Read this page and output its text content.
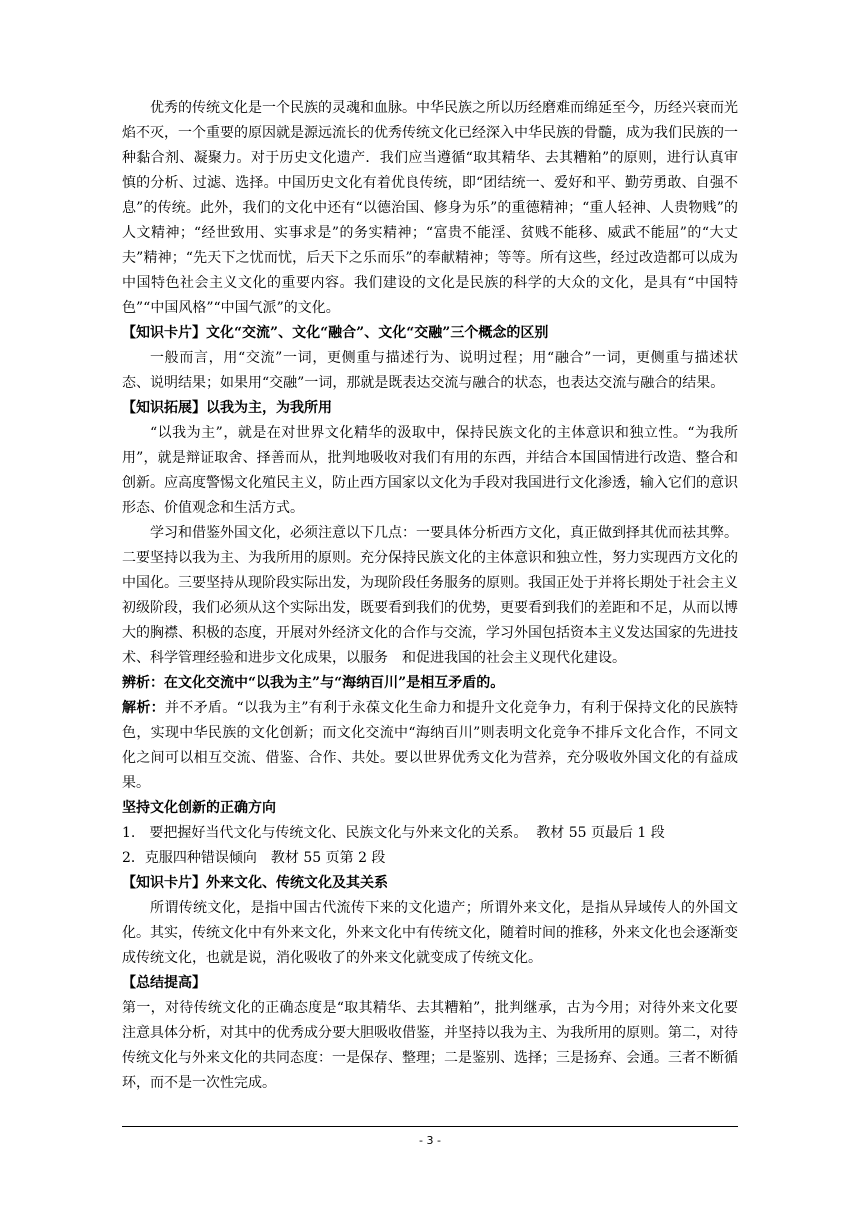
优秀的传统文化是一个民族的灵魂和血脉。中华民族之所以历经磨难而绵延至今，历经兴衰而光焰不灭，一个重要的原因就是源远流长的优秀传统文化已经深入中华民族的骨髓，成为我们民族的一种黏合剂、凝聚力。对于历史文化遗产．我们应当遵循“取其精华、去其糟粕”的原则，进行认真审慎的分析、过滤、选择。中国历史文化有着优良传统，即“团结统一、爱好和平、勤劳勇敢、自强不息”的传统。此外，我们的文化中还有“以德治国、修身为乐”的重德精神；“重人轻神、人贵物贱”的人文精神；“经世致用、实事求是”的务实精神；“富贵不能淫、贫贱不能移、威武不能屈”的“大丈夫”精神；“先天下之忧而忧，后天下之乐而乐”的奉献精神；等等。所有这些，经过改造都可以成为中国特色社会主义文化的重要内容。我们建设的文化是民族的科学的大众的文化，是具有“中国特色”“中国风格”“中国气派”的文化。

【知识卡片】文化“交流”、文化“融合”、文化“交融”三个概念的区别

一般而言，用“交流”一词，更侧重与描述行为、说明过程；用“融合”一词，更侧重与描述状态、说明结果；如果用“交融”一词，那就是既表达交流与融合的状态，也表达交流与融合的结果。

【知识拓展】以我为主，为我所用

“以我为主”，就是在对世界文化精华的汲取中，保持民族文化的主体意识和独立性。“为我所用”，就是辩证取舍、择善而从，批判地吸收对我们有用的东西，并结合本国国情进行改造、整合和创新。应高度警惕文化殖民主义，防止西方国家以文化为手段对我国进行文化渗透，输入它们的意识形态、价值观念和生活方式。

学习和借鉴外国文化，必须注意以下几点：一要具体分析西方文化，真正做到择其优而祛其弊。二要坚持以我为主、为我所用的原则。充分保持民族文化的主体意识和独立性，努力实现西方文化的中国化。三要坚持从现阶段实际出发，为现阶段任务服务的原则。我国正处于并将长期处于社会主义初级阶段，我们必须从这个实际出发，既要看到我们的优势，更要看到我们的差距和不足，从而以博大的胸襟、积极的态度，开展对外经济文化的合作与交流，学习外国包括资本主义发达国家的先进技术、科学管理经验和进步文化成果，以服务　和促进我国的社会主义现代化建设。

辨析：在文化交流中“以我为主”与“海纳百川”是相互矛盾的。

解析：并不矛盾。“以我为主”有利于永葆文化生命力和提升文化竞争力，有利于保持文化的民族特色，实现中华民族的文化创新；而文化交流中“海纳百川”则表明文化竞争不排斥文化合作，不同文化之间可以相互交流、借鉴、合作、共处。要以世界优秀文化为营养，充分吸收外国文化的有益成果。

坚持文化创新的正确方向

1.　要把握好当代文化与传统文化、民族文化与外来文化的关系。  教材 55 页最后 1 段

2．克服四种错误倾向　教材 55 页第 2 段

【知识卡片】外来文化、传统文化及其关系

所谓传统文化，是指中国古代流传下来的文化遗产；所谓外来文化，是指从异域传人的外国文化。其实，传统文化中有外来文化，外来文化中有传统文化，随着时间的推移，外来文化也会逐渐变成传统文化，也就是说，消化吸收了的外来文化就变成了传统文化。

【总结提高】

第一，对待传统文化的正确态度是“取其精华、去其糟粕”，批判继承，古为今用；对待外来文化要注意具体分析，对其中的优秀成分要大胆吸收借鉴，并坚持以我为主、为我所用的原则。第二，对待传统文化与外来文化的共同态度：一是保存、整理；二是鉴别、选择；三是扬弃、会通。三者不断循环，而不是一次性完成。

- 3 -
